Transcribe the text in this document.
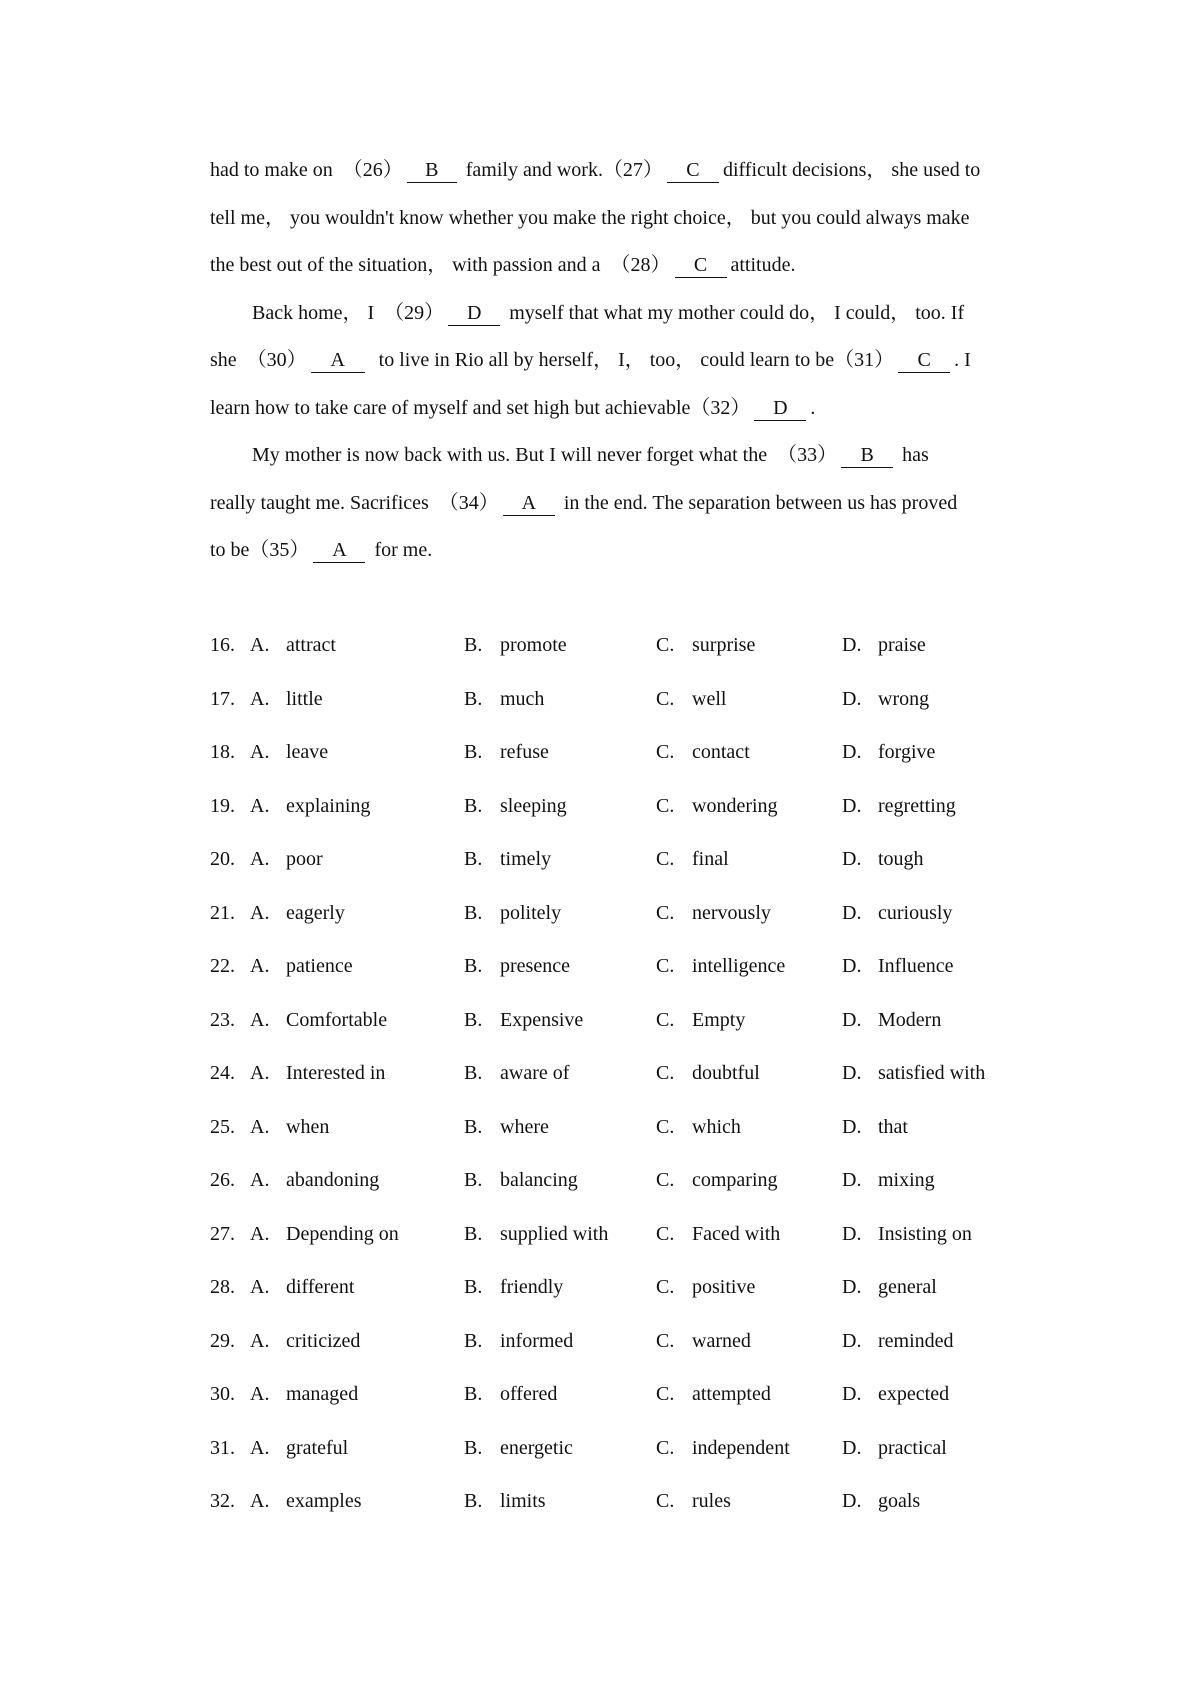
had to make on  （26） B family and work.（27） C difficult decisions， she used to
tell me， you wouldn't know whether you make the right choice， but you could always make
the best out of the situation， with passion and a  （28） C attitude.
Back home， I  （29） D myself that what my mother could do， I could， too. If
she  （30） A to live in Rio all by herself， I， too， could learn to be（31） C . I
learn how to take care of myself and set high but achievable（32） D .
My mother is now back with us. But I will never forget what the  （33） B has
really taught me. Sacrifices  （34） A in the end. The separation between us has proved
to be（35） A for me.
16. A. attract	B. promote	C. surprise	D. praise
17. A. little	B. much	C. well	D. wrong
18. A. leave	B. refuse	C. contact	D. forgive
19. A. explaining	B. sleeping	C. wondering	D. regretting
20. A. poor	B. timely	C. final	D. tough
21. A. eagerly	B. politely	C. nervously	D. curiously
22. A. patience	B. presence	C. intelligence	D. Influence
23. A. Comfortable	B. Expensive	C. Empty	D. Modern
24. A. Interested in	B. aware of	C. doubtful	D. satisfied with
25. A. when	B. where	C. which	D. that
26. A. abandoning	B. balancing	C. comparing	D. mixing
27. A. Depending on	B. supplied with C. Faced with	D. Insisting on
28. A. different	B. friendly	C. positive	D. general
29. A. criticized	B. informed	C. warned	D. reminded
30. A. managed	B. offered	C. attempted	D. expected
31. A. grateful	B. energetic	C. independent	D. practical
32. A. examples	B. limits	C. rules	D. goals
